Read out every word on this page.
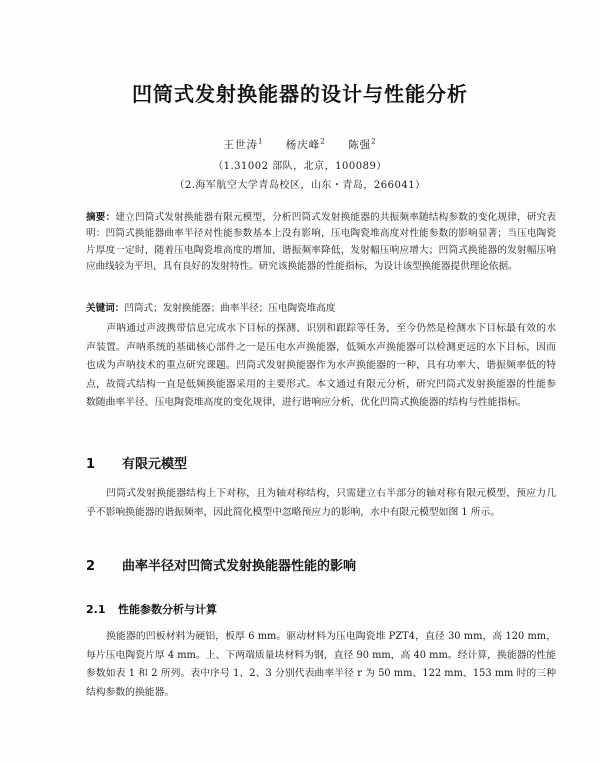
凹筒式发射换能器的设计与性能分析
王世涛$^1$ 杨庆峰$^2$ 陈强$^2$
（1.31002 部队，北京，100089）
（2.海军航空大学青岛校区，山东・青岛，266041）
摘要：建立凹筒式发射换能器有限元模型，分析凹筒式发射换能器的共振频率随结构参数的变化规律，研究表明：凹筒式换能器曲率半径对性能参数基本上没有影响，压电陶瓷堆高度对性能参数的影响显著；当压电陶瓷片厚度一定时，随着压电陶瓷堆高度的增加，谐振频率降低，发射幅压响应增大；凹筒式换能器的发射幅压响应曲线较为平坦，具有良好的发射特性。研究该换能器的性能指标，为设计该型换能器提供理论依据。
关键词：凹筒式；发射换能器；曲率半径；压电陶瓷堆高度
声呐通过声波携带信息完成水下目标的探测、识别和跟踪等任务，至今仍然是检测水下目标最有效的水声装置。声呐系统的基础核心部件之一是压电水声换能器，低频水声换能器可以检测更远的水下目标，因而也成为声呐技术的重点研究课题。凹筒式发射换能器作为水声换能器的一种，具有功率大、谐振频率低的特点，故简式结构一直是低频换能器采用的主要形式。本文通过有限元分析，研究凹筒式发射换能器的性能参数随曲率半径、压电陶瓷堆高度的变化规律，进行谐响应分析，优化凹筒式换能器的结构与性能指标。
1 有限元模型
凹筒式发射换能器结构上下对称，且为轴对称结构，只需建立右半部分的轴对称有限元模型，预应力几乎不影响换能器的谐振频率，因此简化模型中忽略预应力的影响，水中有限元模型如图 1 所示。
2 曲率半径对凹筒式发射换能器性能的影响
2.1 性能参数分析与计算
换能器的凹板材料为硬铝，板厚 6 mm。驱动材料为压电陶瓷堆 PZT4，直径 30 mm，高 120 mm，每片压电陶瓷片厚 4 mm。上、下两端质量块材料为钢，直径 90 mm，高 40 mm。经计算，换能器的性能参数如表 1 和 2 所列。表中序号 1、2、3 分别代表曲率半径 r 为 50 mm、122 mm、153 mm 时的三种结构参数的换能器。
